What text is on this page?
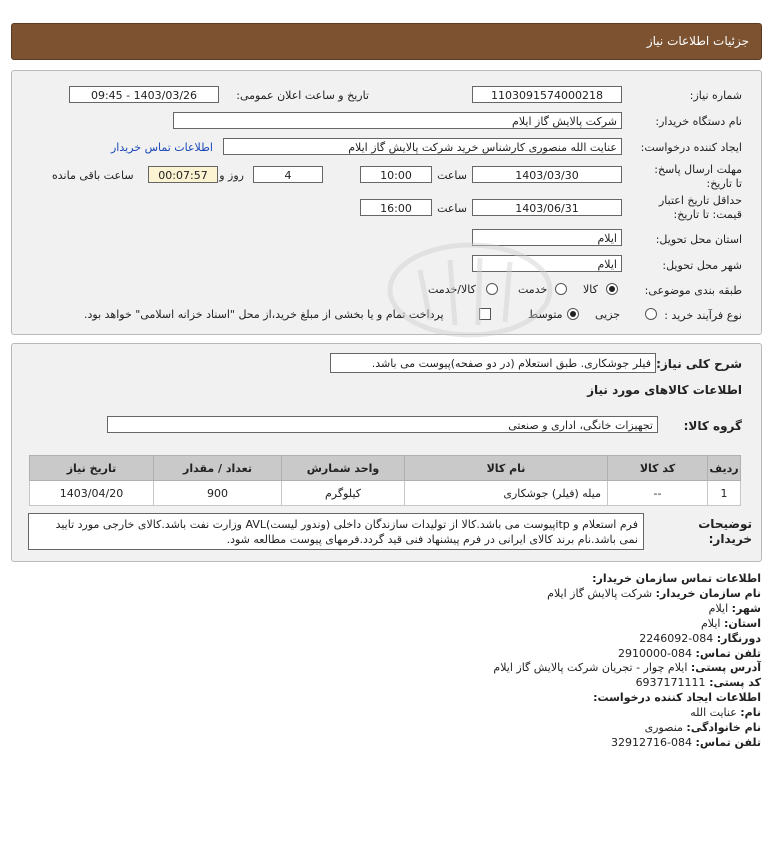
جزئیات اطلاعات نیاز
شماره نیاز:
1103091574000218
تاریخ و ساعت اعلان عمومی:
1403/03/26 - 09:45
نام دستگاه خریدار:
شرکت پالایش گاز ایلام
ایجاد کننده درخواست:
عنایت الله منصوری کارشناس خرید شرکت پالایش گاز ایلام
اطلاعات تماس خریدار
مهلت ارسال پاسخ: تا تاریخ:
1403/03/30
ساعت
10:00
4
روز و
00:07:57
ساعت باقی مانده
حداقل تاریخ اعتبار قیمت: تا تاریخ:
1403/06/31
ساعت
16:00
استان محل تحویل:
ایلام
شهر محل تحویل:
ایلام
طبقه بندی موضوعی:
کالا
خدمت
کالا/خدمت
نوع فرآیند خرید :
جزیی
متوسط
پرداخت تمام و یا بخشی از مبلغ خرید،از محل "اسناد خزانه اسلامی" خواهد بود.
شرح کلی نیاز:
فیلر جوشکاری. طبق استعلام (در دو صفحه)پیوست می باشد.
اطلاعات کالاهای مورد نیاز
گروه کالا:
تجهیزات خانگی، اداری و صنعتی
ردیف	کد کالا	نام کالا	واحد شمارش	تعداد / مقدار	تاریخ نیاز
1	--	میله (فیلر) جوشکاری	کیلوگرم	900	1403/04/20
توضیحات
خریدار:
فرم استعلام و itpپیوست می باشد.کالا از تولیدات سازندگان داخلی (وندور لیست)AVL وزارت نفت باشد.کالای خارجی مورد تایید نمی باشد.نام برند کالای ایرانی در فرم پیشنهاد فنی قید گردد.فرمهای پیوست مطالعه شود.
اطلاعات تماس سازمان خریدار:
نام سازمان خریدار: شرکت پالایش گاز ایلام
شهر: ایلام
استان: ایلام
دورنگار: 084-2246092
تلفن تماس: 084-2910000
آدرس پستی: ایلام چوار - تجریان شرکت پالایش گاز ایلام
کد پستی: 6937171111
اطلاعات ایجاد کننده درخواست:
نام: عنایت الله
نام خانوادگی: منصوری
تلفن تماس: 084-32912716
